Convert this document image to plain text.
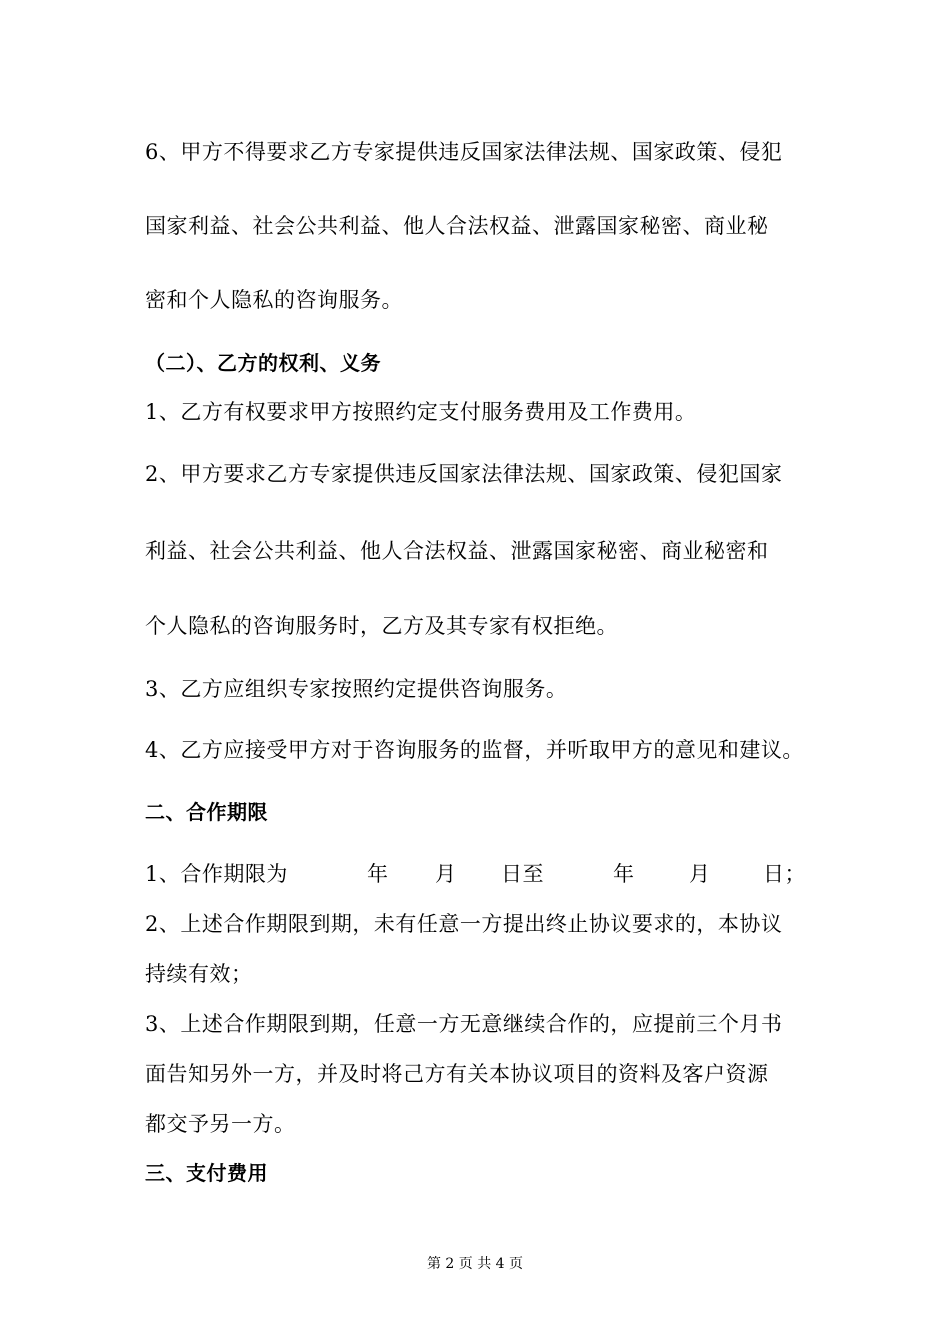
6、甲方不得要求乙方专家提供违反国家法律法规、国家政策、侵犯
国家利益、社会公共利益、他人合法权益、泄露国家秘密、商业秘
密和个人隐私的咨询服务。
（二）、乙方的权利、义务
1、乙方有权要求甲方按照约定支付服务费用及工作费用。
2、甲方要求乙方专家提供违反国家法律法规、国家政策、侵犯国家
利益、社会公共利益、他人合法权益、泄露国家秘密、商业秘密和
个人隐私的咨询服务时，乙方及其专家有权拒绝。
3、乙方应组织专家按照约定提供咨询服务。
4、乙方应接受甲方对于咨询服务的监督，并听取甲方的意见和建议。
二、合作期限
1、合作期限为	年 月 日至	年	月	日；
2、上述合作期限到期，未有任意一方提出终止协议要求的，本协议
持续有效；
3、上述合作期限到期，任意一方无意继续合作的，应提前三个月书
面告知另外一方，并及时将己方有关本协议项目的资料及客户资源
都交予另一方。
三、支付费用
第 2 页 共 4 页
